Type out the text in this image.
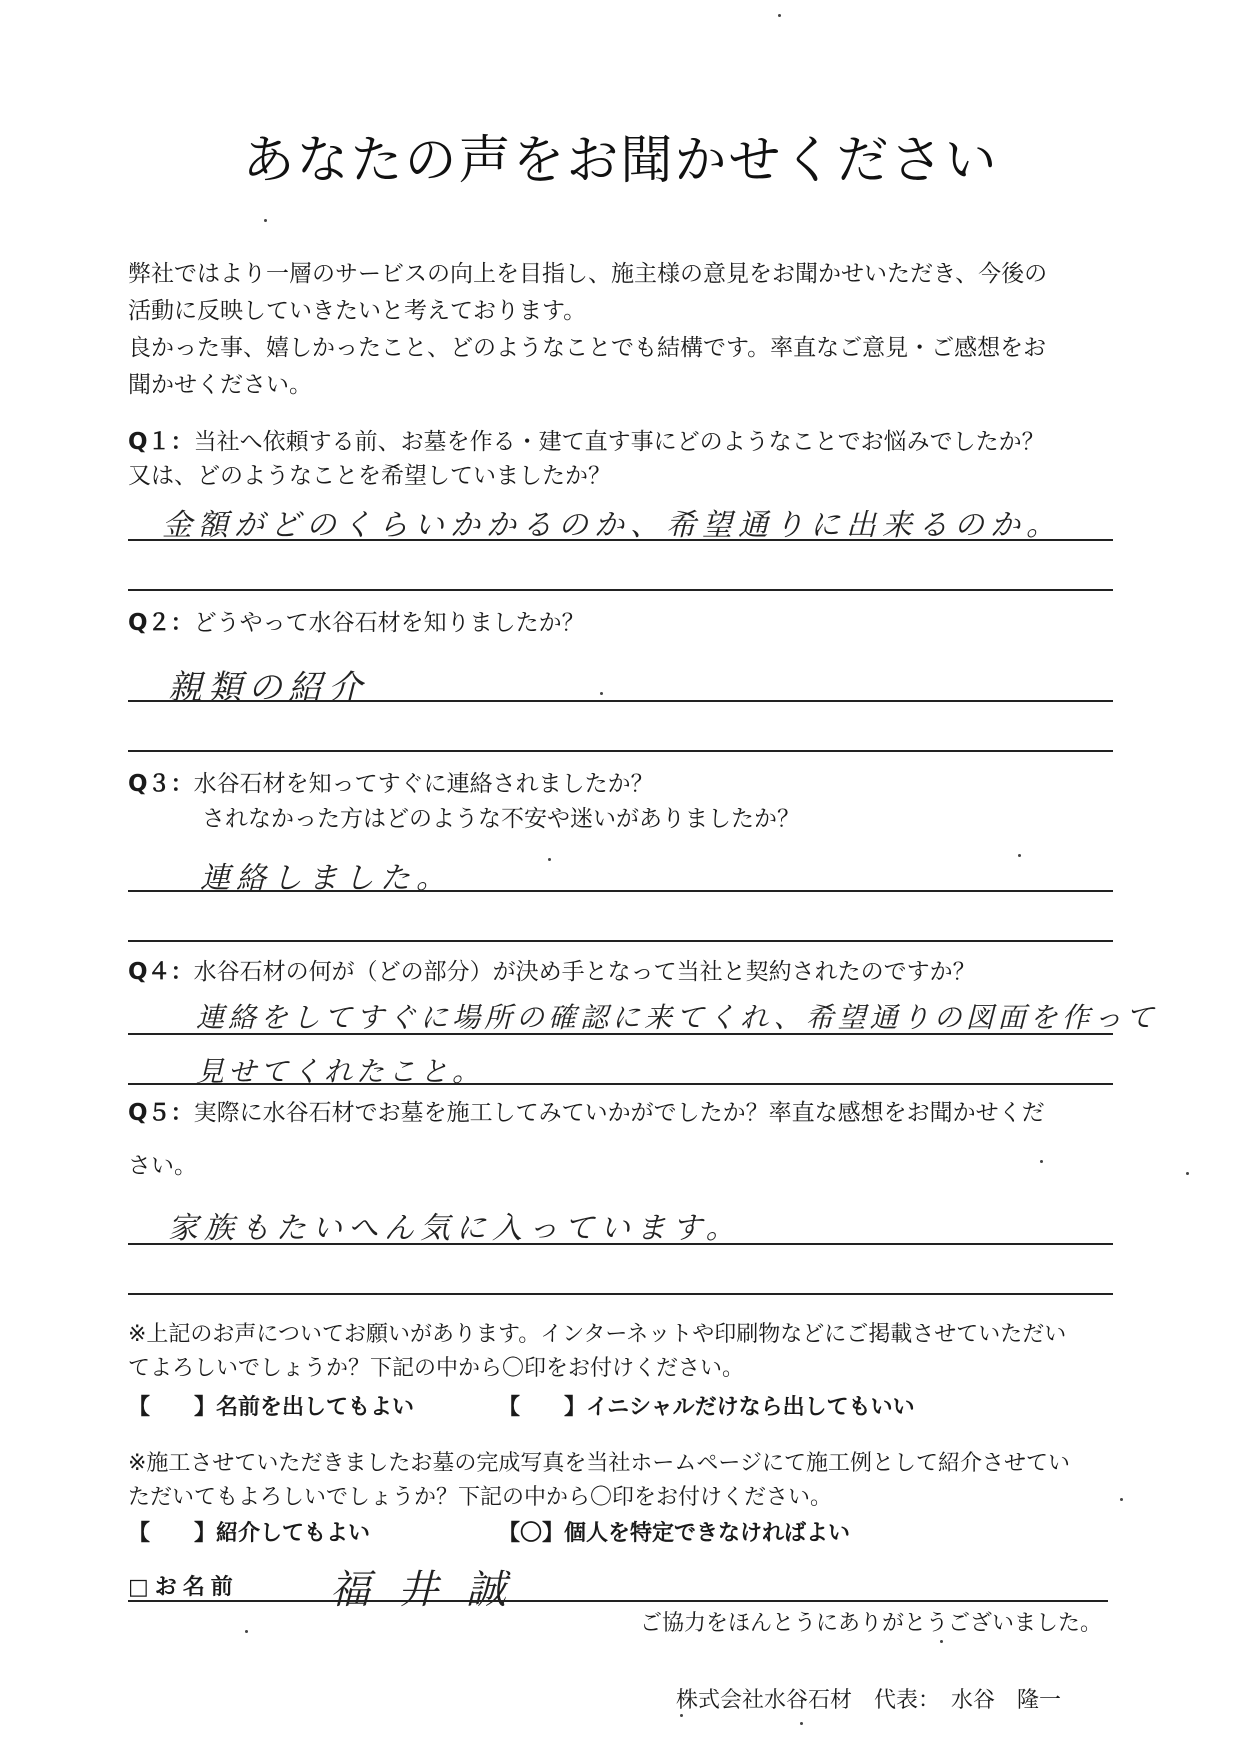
あなたの声をお聞かせください
弊社ではより一層のサービスの向上を目指し、施主様の意見をお聞かせいただき、今後の
活動に反映していきたいと考えております。
良かった事、嬉しかったこと、どのようなことでも結構です。率直なご意見・ご感想をお
聞かせください。
Q１：当社へ依頼する前、お墓を作る・建て直す事にどのようなことでお悩みでしたか？
又は、どのようなことを希望していましたか？
金額がどのくらいかかるのか、希望通りに出来るのか。
Q２：どうやって水谷石材を知りましたか？
親類の紹介
Q３：水谷石材を知ってすぐに連絡されましたか？
されなかった方はどのような不安や迷いがありましたか？
連絡しました。
Q４：水谷石材の何が（どの部分）が決め手となって当社と契約されたのですか？
連絡をしてすぐに場所の確認に来てくれ、希望通りの図面を作って
見せてくれたこと。
Q５：実際に水谷石材でお墓を施工してみていかがでしたか？率直な感想をお聞かせくだ
さい。
家族もたいへん気に入っています。
※上記のお声についてお願いがあります。インターネットや印刷物などにご掲載させていただい
てよろしいでしょうか？下記の中から〇印をお付けください。
【　　】名前を出してもよい	【　　】イニシャルだけなら出してもいい
※施工させていただきましたお墓の完成写真を当社ホームページにて施工例として紹介させてい
ただいてもよろしいでしょうか？下記の中から〇印をお付けください。
【　　】紹介してもよい	【〇】個人を特定できなければよい
□お名前 福井誠
ご協力をほんとうにありがとうございました。
株式会社水谷石材　代表：　水谷　隆一
